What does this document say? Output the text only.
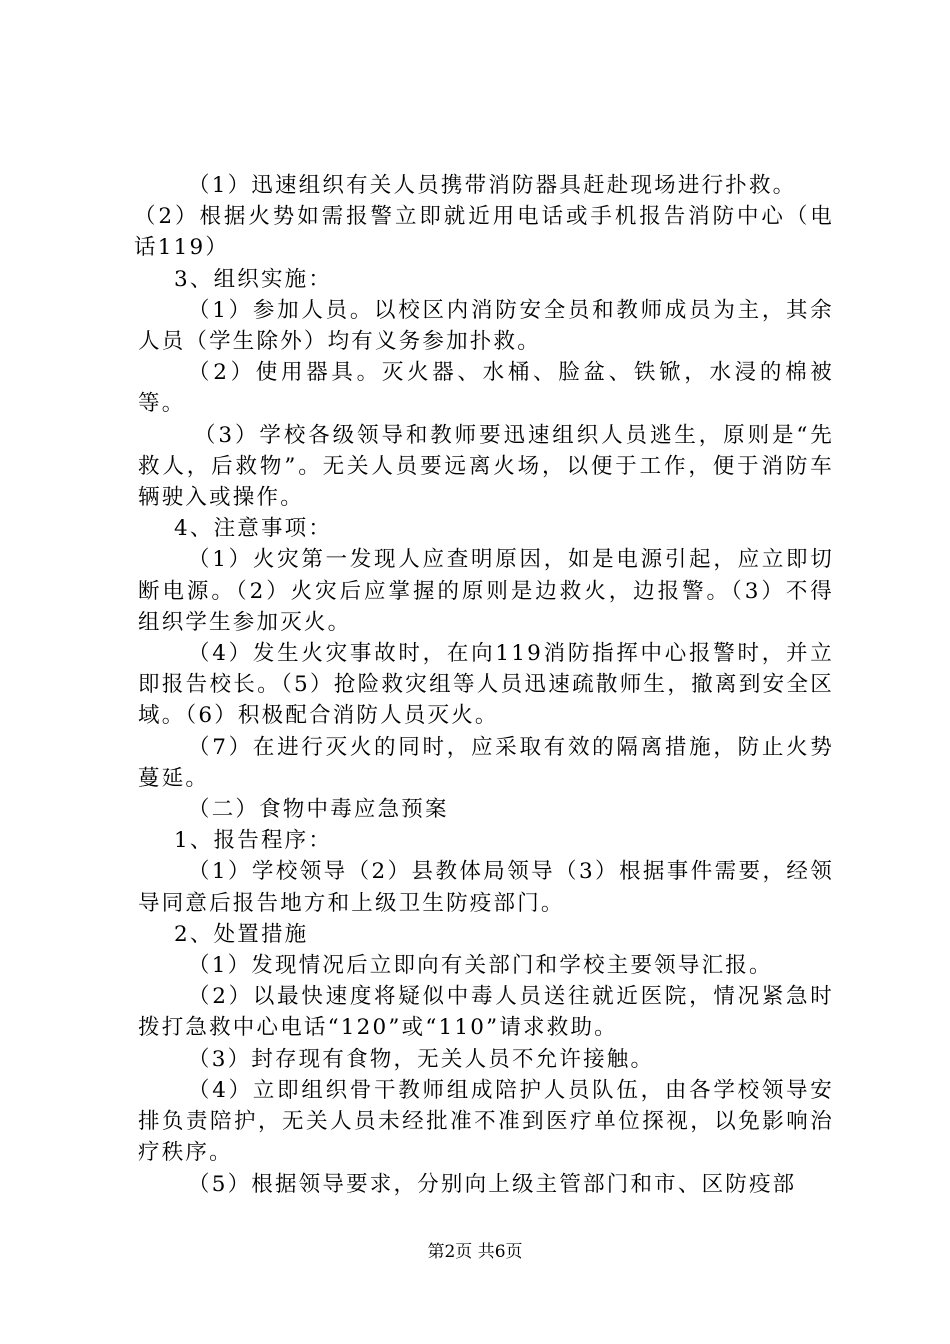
（1）迅速组织有关人员携带消防器具赶赴现场进行扑救。

（2）根据火势如需报警立即就近用电话或手机报告消防中心（电话119）

3、组织实施：

（1）参加人员。以校区内消防安全员和教师成员为主，其余人员（学生除外）均有义务参加扑救。

（2）使用器具。灭火器、水桶、脸盆、铁锨，水浸的棉被等。

（3）学校各级领导和教师要迅速组织人员逃生，原则是“先救人，后救物”。无关人员要远离火场，以便于工作，便于消防车辆驶入或操作。

4、注意事项：

（1）火灾第一发现人应查明原因，如是电源引起，应立即切断电源。（2）火灾后应掌握的原则是边救火，边报警。（3）不得组织学生参加灭火。

（4）发生火灾事故时，在向119消防指挥中心报警时，并立即报告校长。（5）抢险救灾组等人员迅速疏散师生，撤离到安全区域。（6）积极配合消防人员灭火。

（7）在进行灭火的同时，应采取有效的隔离措施，防止火势蔓延。

（二）食物中毒应急预案

1、报告程序：

（1）学校领导（2）县教体局领导（3）根据事件需要，经领导同意后报告地方和上级卫生防疫部门。

2、处置措施

（1）发现情况后立即向有关部门和学校主要领导汇报。

（2）以最快速度将疑似中毒人员送往就近医院，情况紧急时拨打急救中心电话“120”或“110”请求救助。

（3）封存现有食物，无关人员不允许接触。

（4）立即组织骨干教师组成陪护人员队伍，由各学校领导安排负责陪护，无关人员未经批准不准到医疗单位探视，以免影响治疗秩序。

（5）根据领导要求，分别向上级主管部门和市、区防疫部

第2页 共6页
